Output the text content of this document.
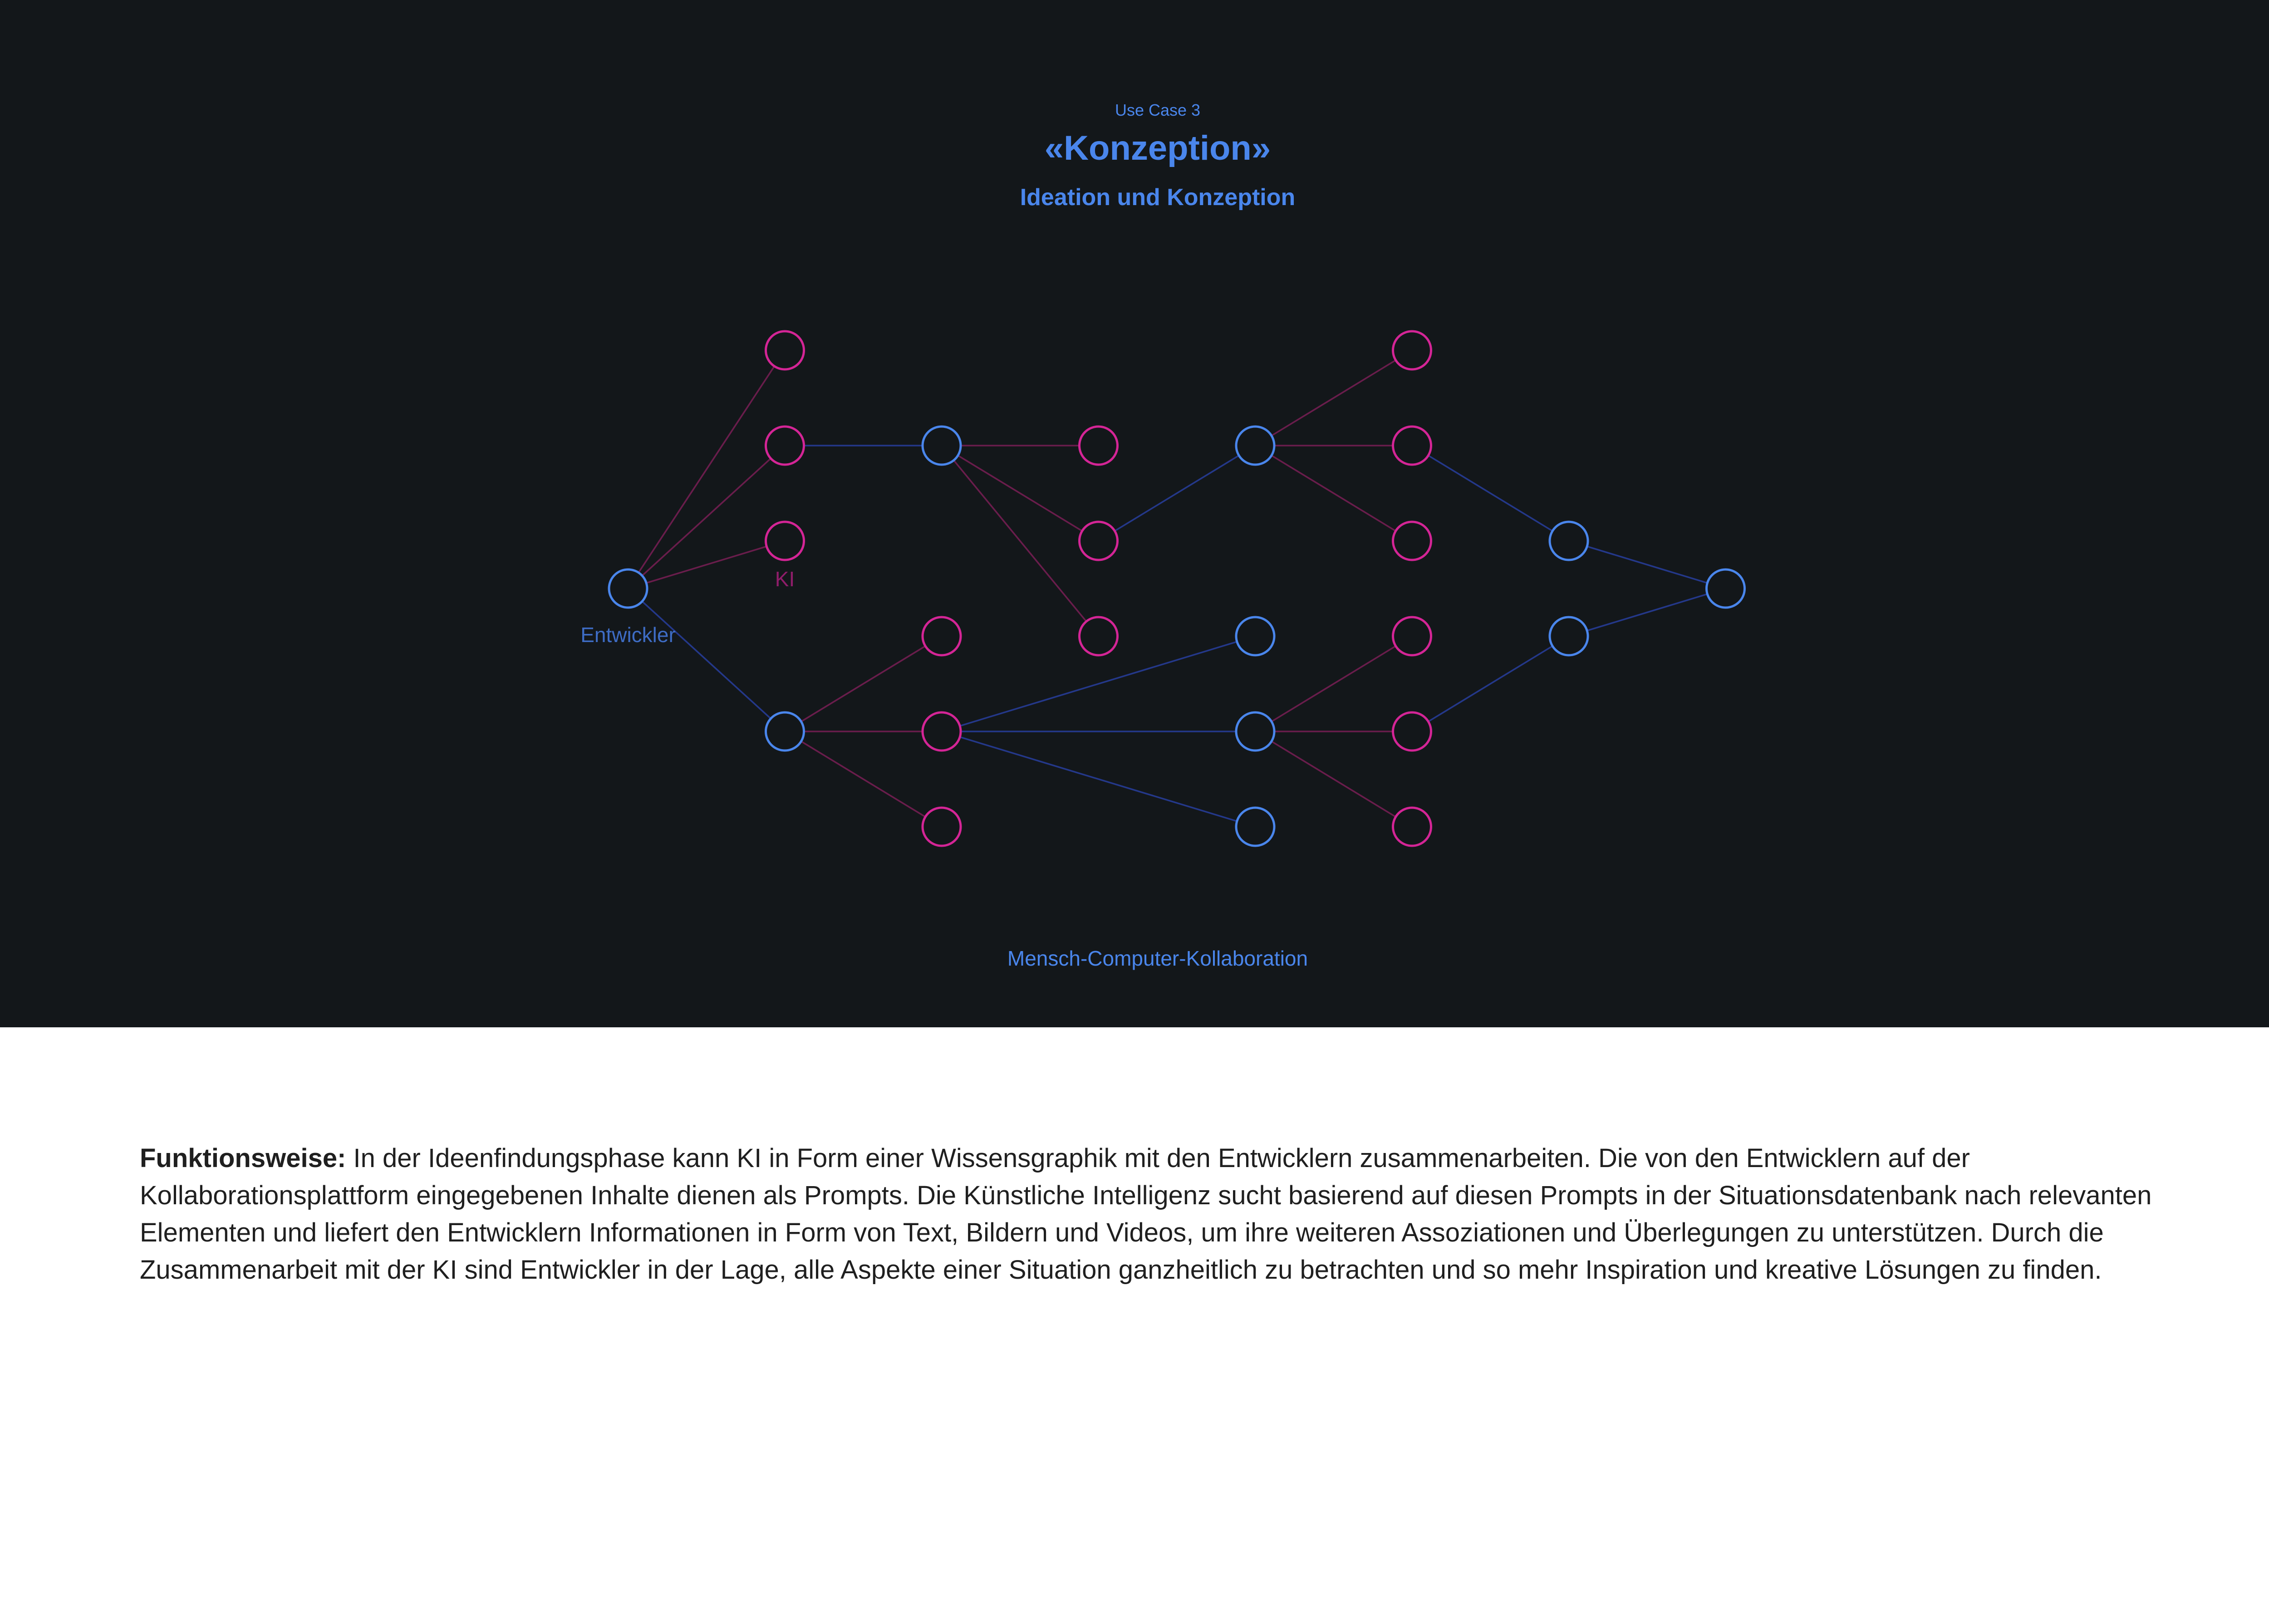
Use Case 3
«Konzeption»
Ideation und Konzeption
Entwickler
KI
Mensch-Computer-Kollaboration
Funktionsweise: In der Ideenfindungsphase kann KI in Form einer Wissensgraphik mit den Entwicklern zusammenarbeiten. Die von den Entwicklern auf der Kollaborationsplattform eingegebenen Inhalte dienen als Prompts. Die Künstliche Intelligenz sucht basierend auf diesen Prompts in der Situationsdatenbank nach relevanten Elementen und liefert den Entwicklern Informationen in Form von Text, Bildern und Videos, um ihre weiteren Assoziationen und Überlegungen zu unterstützen. Durch die Zusammenarbeit mit der KI sind Entwickler in der Lage, alle Aspekte einer Situation ganzheitlich zu betrachten und so mehr Inspiration und kreative Lösungen zu finden.
